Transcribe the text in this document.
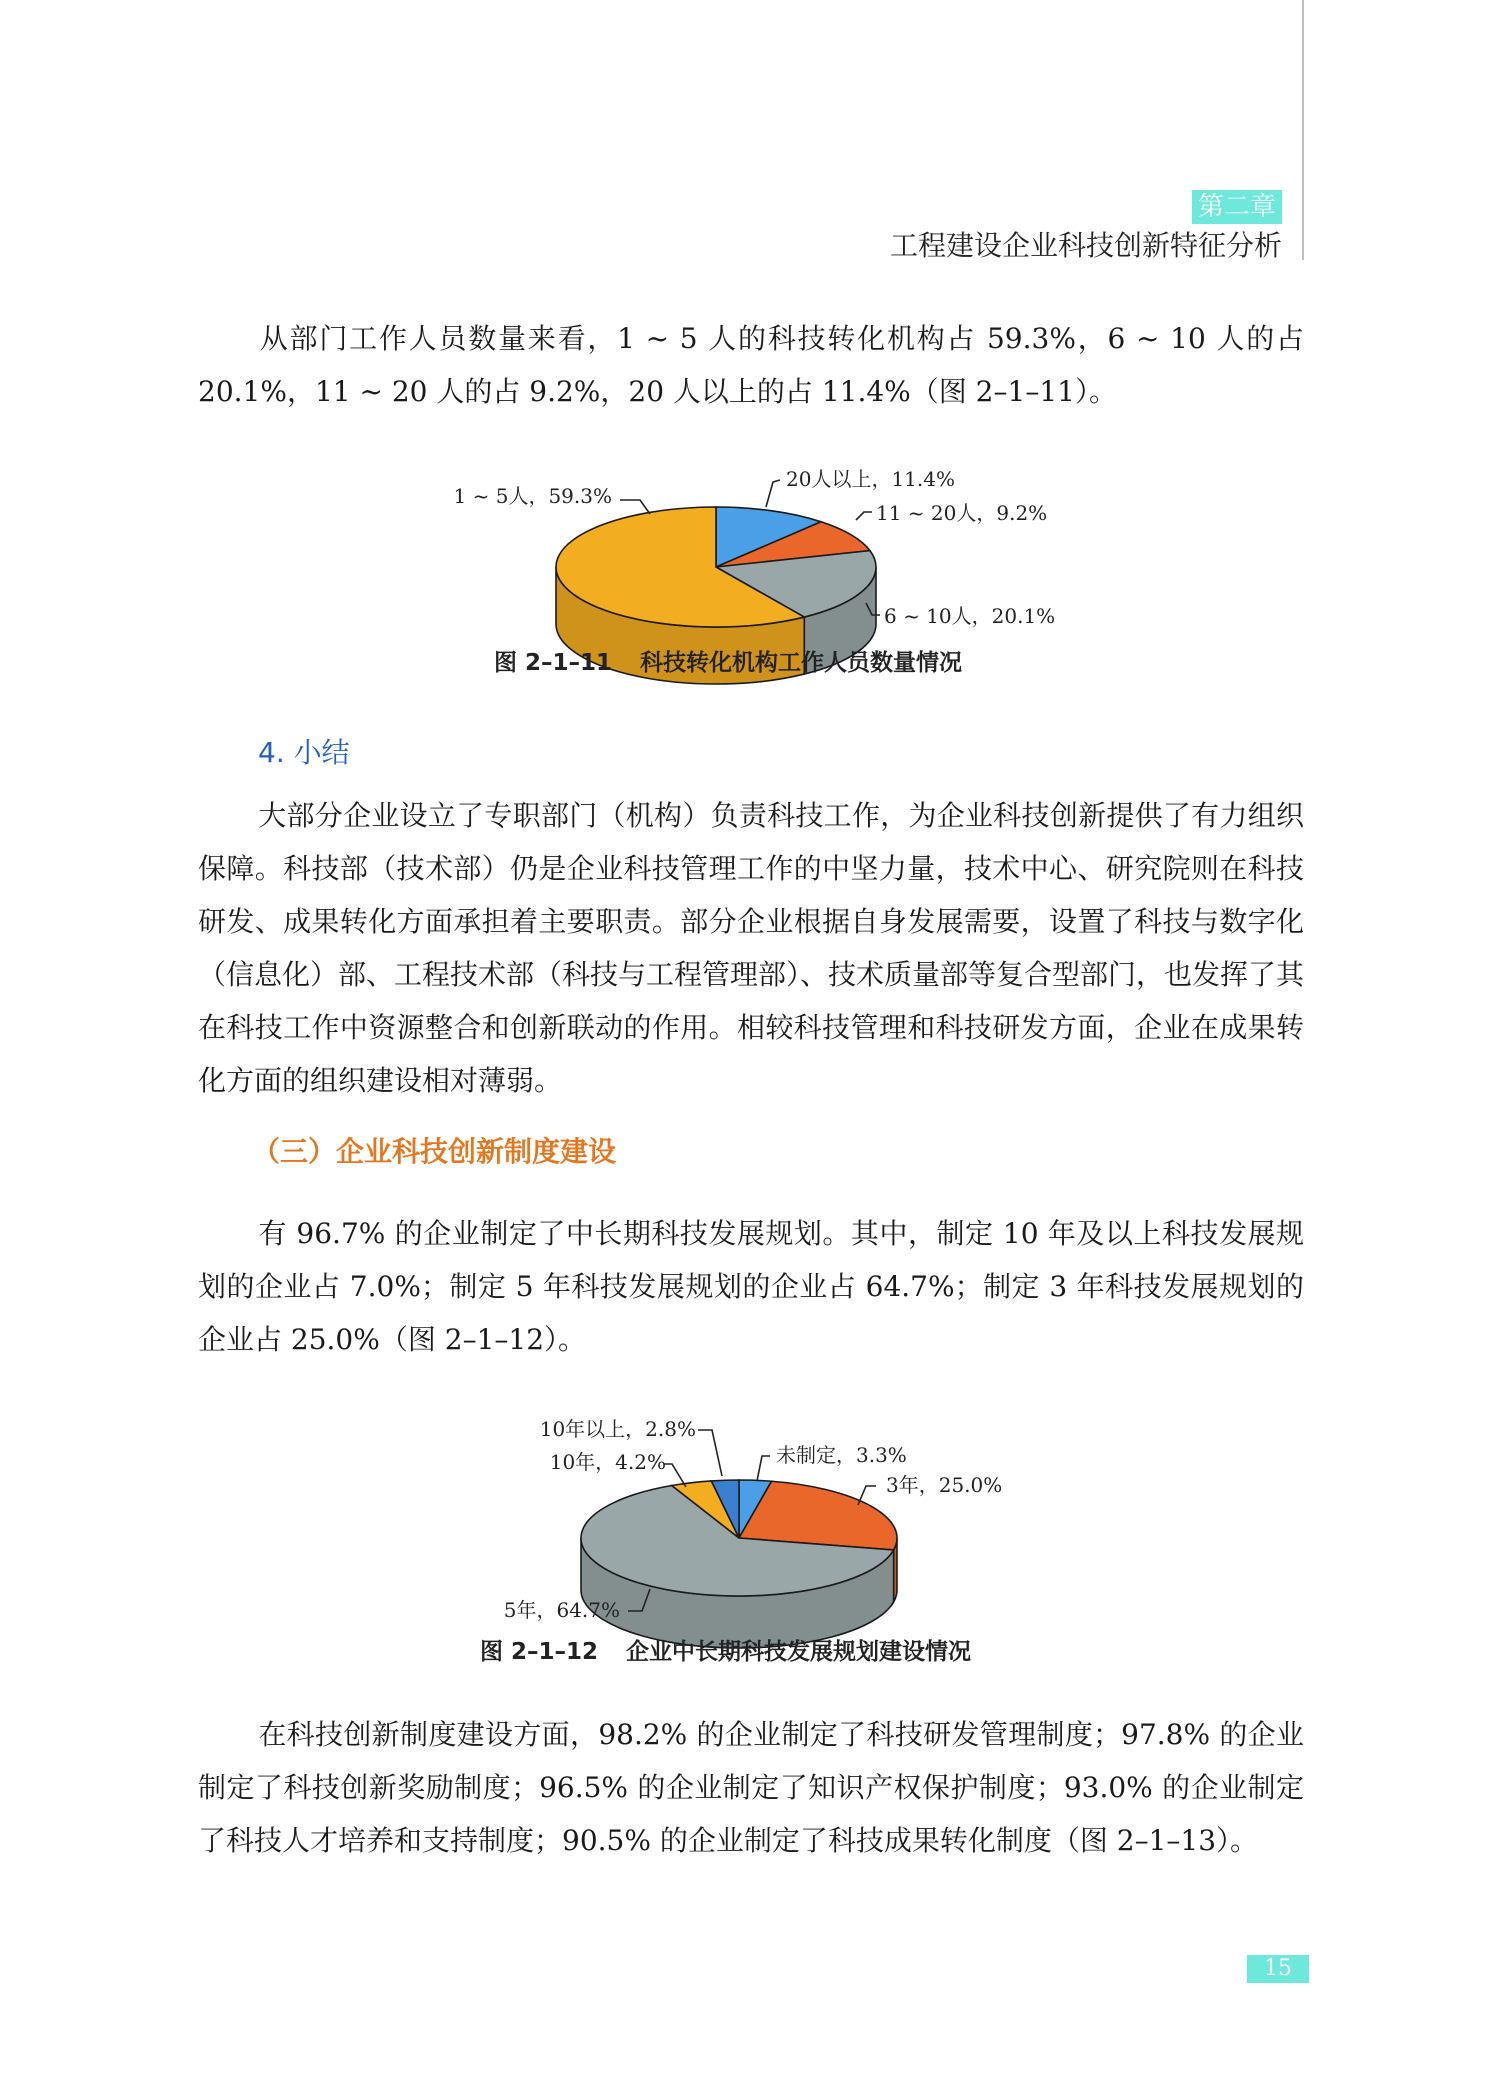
第二章
工程建设企业科技创新特征分析

从部门工作人员数量来看，1 ~ 5 人的科技转化机构占 59.3%，6 ~ 10 人的占 20.1%，11 ~ 20 人的占 9.2%，20 人以上的占 11.4%（图 2–1–11）。

20人以上，11.4%
11 ~ 20人，9.2%
6 ~ 10人，20.1%
1 ~ 5人，59.3%
未制定，3.3%
3年，25.0%
5年，64.7%
10年，4.2%
10年以上，2.8%
图 2–1–11 科技转化机构工作人员数量情况
4. 小结

大部分企业设立了专职部门（机构）负责科技工作，为企业科技创新提供了有力组织保障。科技部（技术部）仍是企业科技管理工作的中坚力量，技术中心、研究院则在科技研发、成果转化方面承担着主要职责。部分企业根据自身发展需要，设置了科技与数字化（信息化）部、工程技术部（科技与工程管理部）、技术质量部等复合型部门，也发挥了其在科技工作中资源整合和创新联动的作用。相较科技管理和科技研发方面，企业在成果转化方面的组织建设相对薄弱。

（三）企业科技创新制度建设

有 96.7% 的企业制定了中长期科技发展规划。其中，制定 10 年及以上科技发展规划的企业占 7.0%；制定 5 年科技发展规划的企业占 64.7%；制定 3 年科技发展规划的企业占 25.0%（图 2–1–12）。

图 2–1–12 企业中长期科技发展规划建设情况

在科技创新制度建设方面，98.2% 的企业制定了科技研发管理制度；97.8% 的企业制定了科技创新奖励制度；96.5% 的企业制定了知识产权保护制度；93.0% 的企业制定了科技人才培养和支持制度；90.5% 的企业制定了科技成果转化制度（图 2–1–13）。

15
